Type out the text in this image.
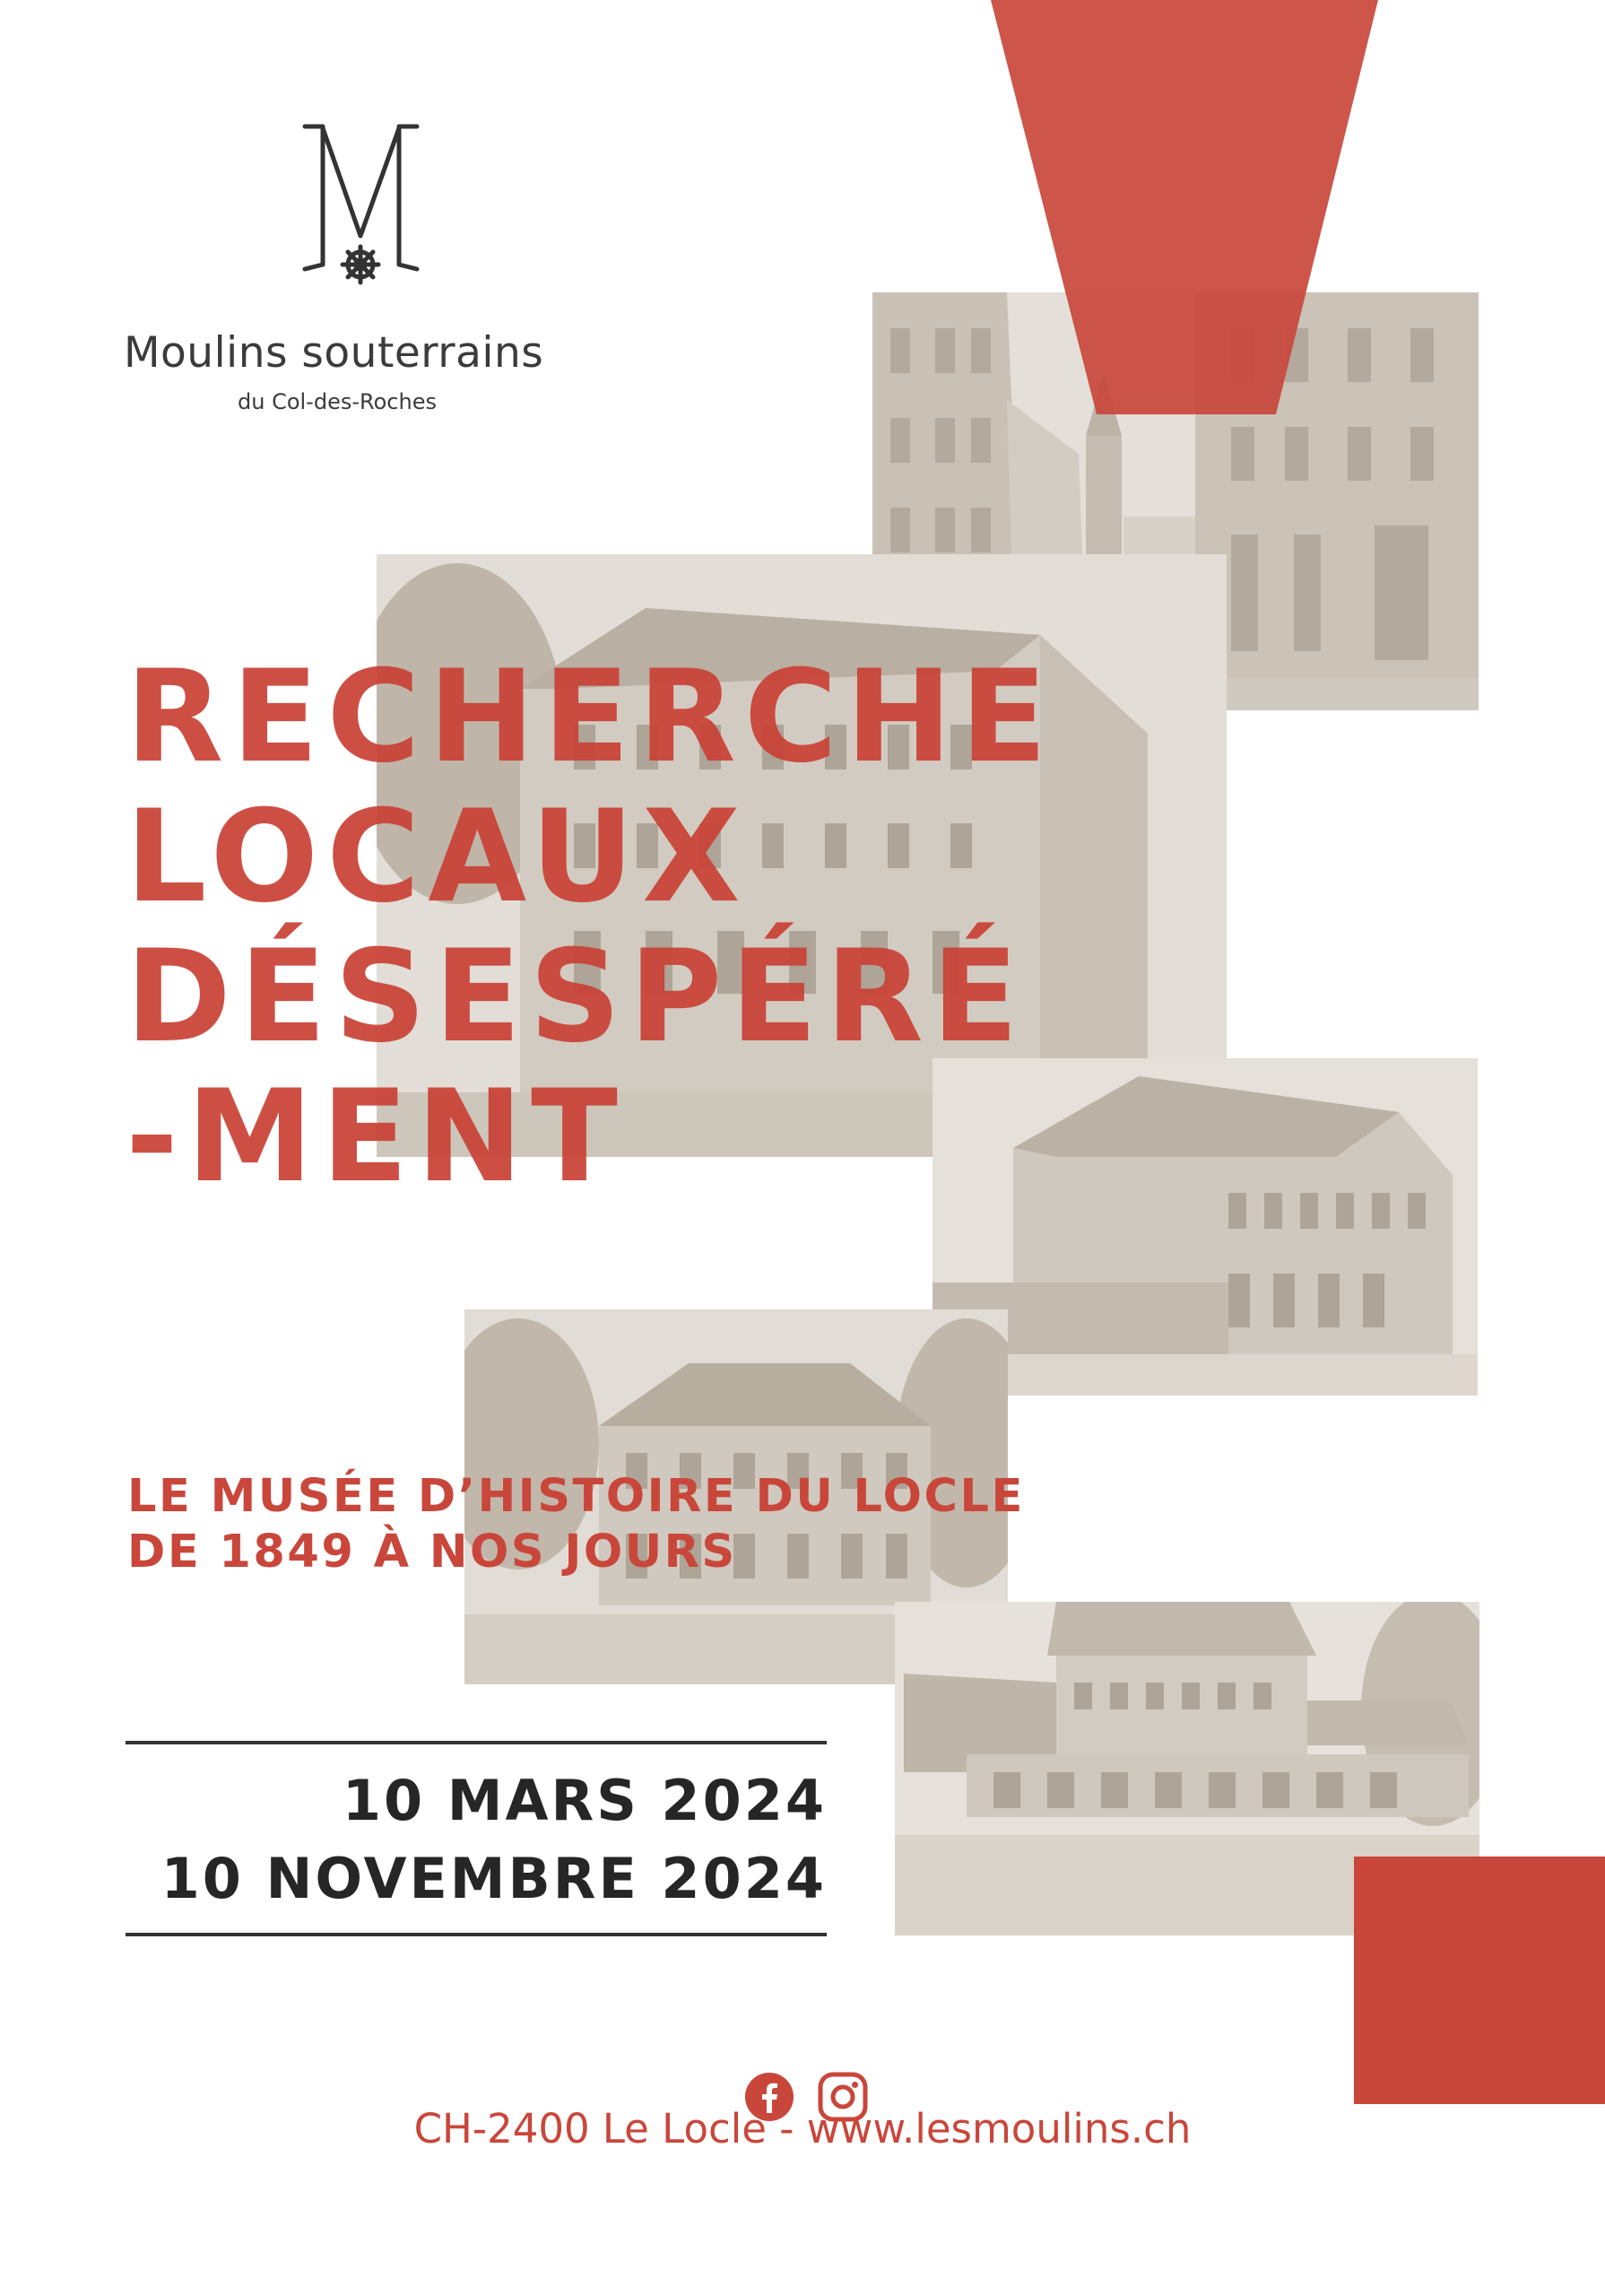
Moulins souterrains
du Col-des-Roches
RECHERCHE
LOCAUX
DÉSESPÉRÉ
-MENT
LE MUSÉE D’HISTOIRE DU LOCLE
DE 1849 À NOS JOURS
10 MARS 2024
10 NOVEMBRE 2024
CH-2400 Le Locle - www.lesmoulins.ch
